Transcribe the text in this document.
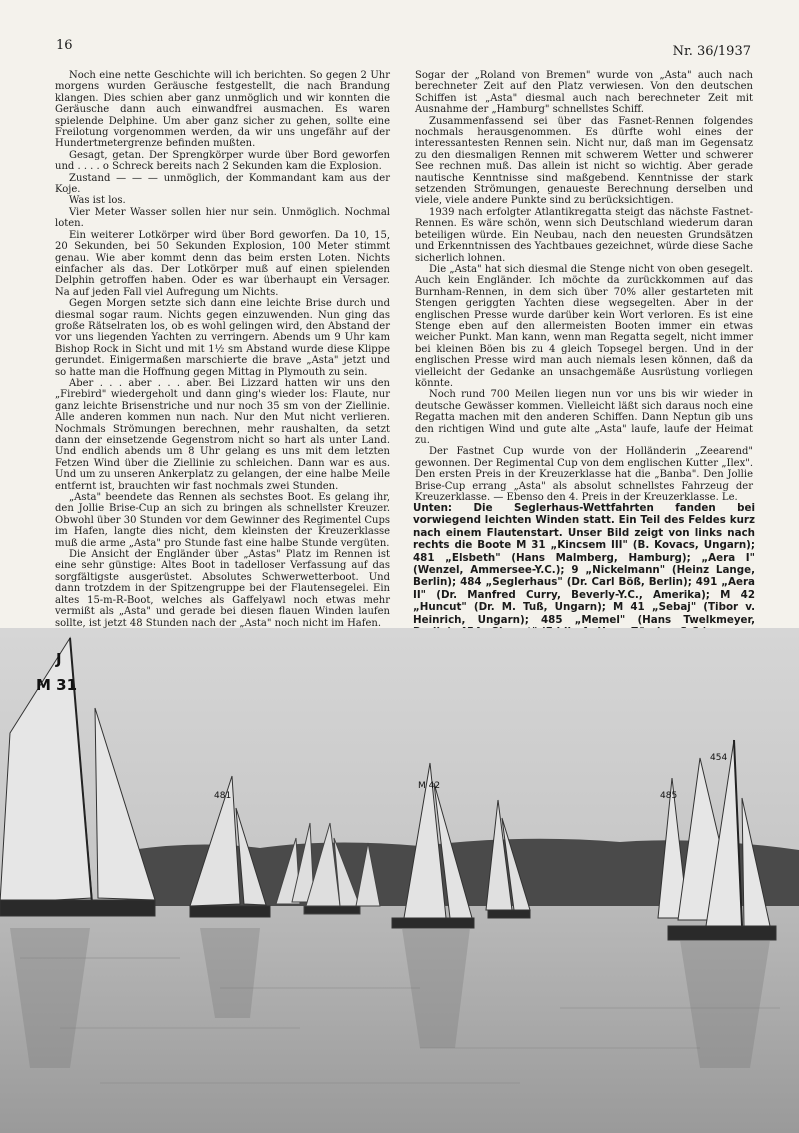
16	Nr. 36/1937

Noch eine nette Geschichte will ich berichten. So gegen 2 Uhr morgens wurden Geräusche festgestellt, die nach Brandung klangen. Dies schien aber ganz unmöglich und wir konnten die Geräusche dann auch einwandfrei ausmachen. Es waren spielende Delphine. Um aber ganz sicher zu gehen, sollte eine Freilotung vorgenommen werden, da wir uns ungefähr auf der Hundertmetergrenze befinden mußten.

Gesagt, getan. Der Sprengkörper wurde über Bord geworfen und . . . . o Schreck bereits nach 2 Sekunden kam die Explosion.

Zustand — — — unmöglich, der Kommandant kam aus der Koje.

Was ist los.

Vier Meter Wasser sollen hier nur sein. Unmöglich. Nochmal loten.

Ein weiterer Lotkörper wird über Bord geworfen. Da 10, 15, 20 Sekunden, bei 50 Sekunden Explosion, 100 Meter stimmt genau. Wie aber kommt denn das beim ersten Loten. Nichts einfacher als das. Der Lotkörper muß auf einen spielenden Delphin getroffen haben. Oder es war überhaupt ein Versager. Na auf jeden Fall viel Aufregung um Nichts.

Gegen Morgen setzte sich dann eine leichte Brise durch und diesmal sogar raum. Nichts gegen einzuwenden. Nun ging das große Rätselraten los, ob es wohl gelingen wird, den Abstand der vor uns liegenden Yachten zu verringern. Abends um 9 Uhr kam Bishop Rock in Sicht und mit 1½ sm Abstand wurde diese Klippe gerundet. Einigermaßen marschierte die brave „Asta" jetzt und so hatte man die Hoffnung gegen Mittag in Plymouth zu sein.

Aber . . . aber . . . aber. Bei Lizzard hatten wir uns den „Firebird" wiedergeholt und dann ging's wieder los: Flaute, nur ganz leichte Brisenstriche und nur noch 35 sm von der Ziellinie. Alle anderen kommen nun nach. Nur den Mut nicht verlieren. Nochmals Strömungen berechnen, mehr raushalten, da setzt dann der einsetzende Gegenstrom nicht so hart als unter Land. Und endlich abends um 8 Uhr gelang es uns mit dem letzten Fetzen Wind über die Ziellinie zu schleichen. Dann war es aus. Und um zu unseren Ankerplatz zu gelangen, der eine halbe Meile entfernt ist, brauchten wir fast nochmals zwei Stunden.

„Asta" beendete das Rennen als sechstes Boot. Es gelang ihr, den Jollie Brise-Cup an sich zu bringen als schnellster Kreuzer. Obwohl über 30 Stunden vor dem Gewinner des Regimentel Cups im Hafen, langte dies nicht, dem kleinsten der Kreuzerklasse muß die arme „Asta" pro Stunde fast eine halbe Stunde vergüten.

Die Ansicht der Engländer über „Astas" Platz im Rennen ist eine sehr günstige: Altes Boot in tadelloser Verfassung auf das sorgfältigste ausgerüstet. Absolutes Schwerwetterboot. Und dann trotzdem in der Spitzengruppe bei der Flautensegelei. Ein altes 15-m-R-Boot, welches als Gaffelyawl noch etwas mehr vermißt als „Asta" und gerade bei diesen flauen Winden laufen sollte, ist jetzt 48 Stunden nach der „Asta" noch nicht im Hafen.

Sogar der „Roland von Bremen" wurde von „Asta" auch nach berechneter Zeit auf den Platz verwiesen. Von den deutschen Schiffen ist „Asta" diesmal auch nach berechneter Zeit mit Ausnahme der „Hamburg" schnellstes Schiff.

Zusammenfassend sei über das Fasnet-Rennen folgendes nochmals herausgenommen. Es dürfte wohl eines der interessantesten Rennen sein. Nicht nur, daß man im Gegensatz zu den diesmaligen Rennen mit schwerem Wetter und schwerer See rechnen muß. Das allein ist nicht so wichtig. Aber gerade nautische Kenntnisse sind maßgebend. Kenntnisse der stark setzenden Strömungen, genaueste Berechnung derselben und viele, viele andere Punkte sind zu berücksichtigen.

1939 nach erfolgter Atlantikregatta steigt das nächste Fastnet-Rennen. Es wäre schön, wenn sich Deutschland wiederum daran beteiligen würde. Ein Neubau, nach den neuesten Grundsätzen und Erkenntnissen des Yachtbaues gezeichnet, würde diese Sache sicherlich lohnen.

Die „Asta" hat sich diesmal die Stenge nicht von oben gesegelt. Auch kein Engländer. Ich möchte da zurückkommen auf das Burnham-Rennen, in dem sich über 70% aller gestarteten mit Stengen geriggten Yachten diese wegsegelten. Aber in der englischen Presse wurde darüber kein Wort verloren. Es ist eine Stenge eben auf den allermeisten Booten immer ein etwas weicher Punkt. Man kann, wenn man Regatta segelt, nicht immer bei kleinen Böen bis zu 4 gleich Topsegel bergen. Und in der englischen Presse wird man auch niemals lesen können, daß da vielleicht der Gedanke an unsachgemäße Ausrüstung vorliegen könnte.

Noch rund 700 Meilen liegen nun vor uns bis wir wieder in deutsche Gewässer kommen. Vielleicht läßt sich daraus noch eine Regatta machen mit den anderen Schiffen. Dann Neptun gib uns den richtigen Wind und gute alte „Asta" laufe, laufe der Heimat zu.

Der Fastnet Cup wurde von der Holländerin „Zeearend" gewonnen. Der Regimental Cup von dem englischen Kutter „Ilex". Den ersten Preis in der Kreuzerklasse hat die „Banba". Den Jollie Brise-Cup errang „Asta" als absolut schnellstes Fahrzeug der Kreuzerklasse. — Ebenso den 4. Preis in der Kreuzerklasse. Le.

Unten: Die Seglerhaus-Wettfahrten fanden bei vorwiegend leichten Winden statt. Ein Teil des Feldes kurz nach einem Flautenstart. Unser Bild zeigt von links nach rechts die Boote M 31 „Kincsem III" (B. Kovacs, Ungarn); 481 „Elsbeth" (Hans Malmberg, Hamburg); „Aera I" (Wenzel, Ammersee-Y.C.); 9 „Nickelmann" (Heinz Lange, Berlin); 484 „Seglerhaus" (Dr. Carl Böß, Berlin); 491 „Aera II" (Dr. Manfred Curry, Beverly-Y.C., Amerika); M 42 „Huncut" (Dr. M. Tuß, Ungarn); M 41 „Sebaj" (Tibor v. Heinrich, Ungarn); 485 „Memel" (Hans Twelkmeyer,
J
M 31
481
M 42
485
454
